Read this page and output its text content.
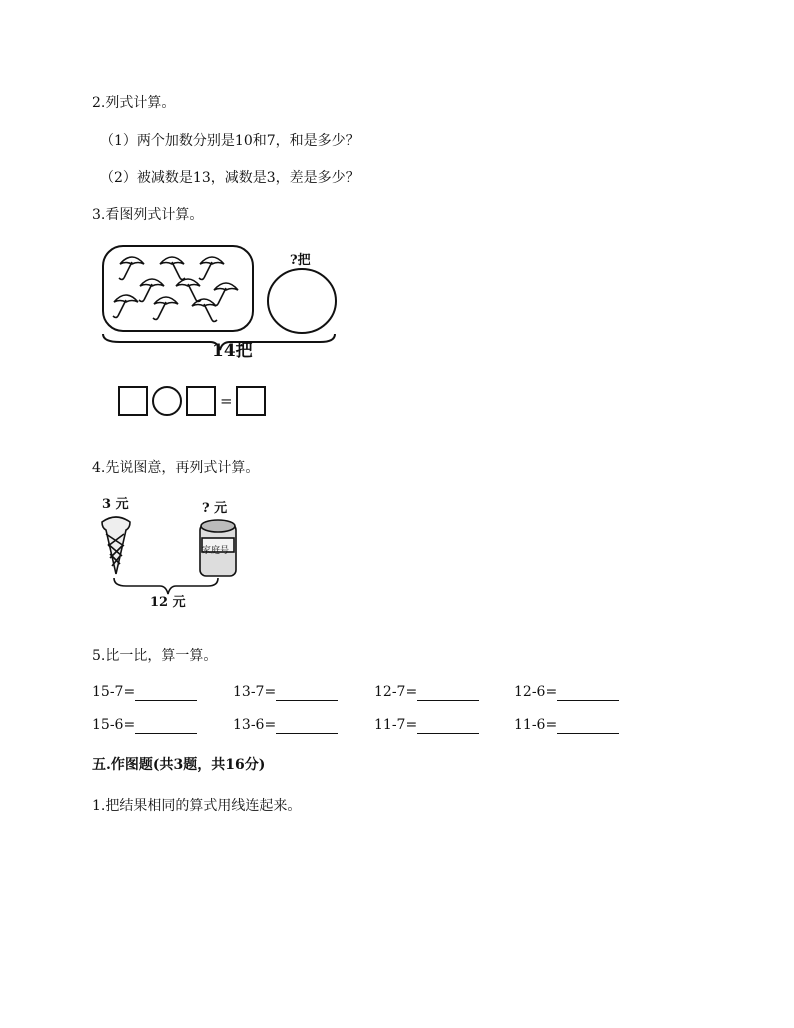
2.列式计算。
（1）两个加数分别是10和7，和是多少？
（2）被减数是13，减数是3，差是多少？
3.看图列式计算。
?把
14把
=
4.先说图意，再列式计算。
3 元	? 元
家庭号
12 元
5.比一比，算一算。
15-7=	13-7=	12-7=	12-6=
15-6=	13-6=	11-7=	11-6=
五.作图题(共3题，共16分)
1.把结果相同的算式用线连起来。
